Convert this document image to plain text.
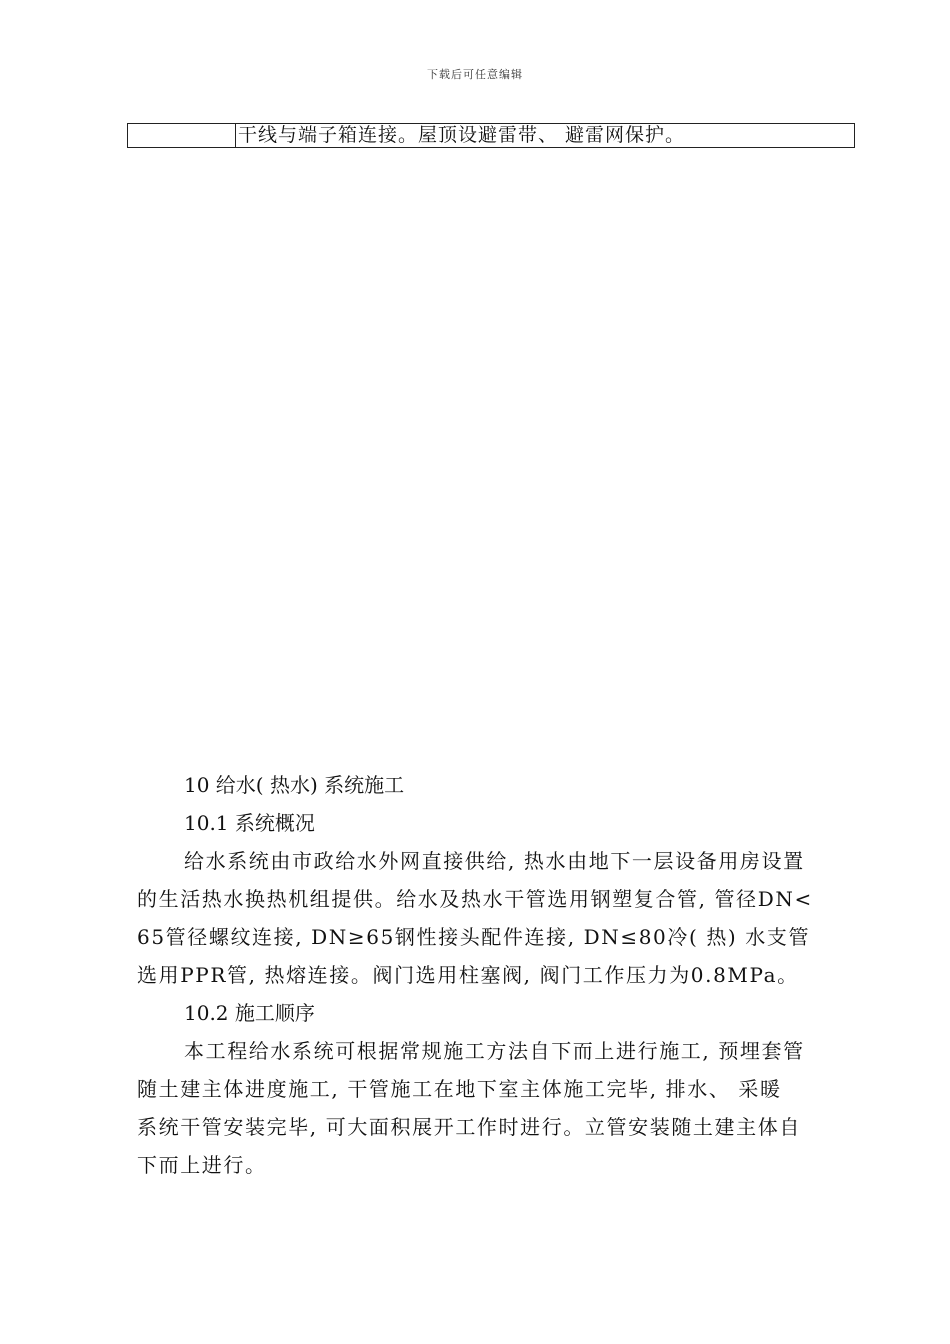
下载后可任意编辑
干线与端子箱连接。屋顶设避雷带、 避雷网保护。
10 给水( 热水) 系统施工
10.1 系统概况
给水系统由市政给水外网直接供给, 热水由地下一层设备用房设置
的生活热水换热机组提供。给水及热水干管选用钢塑复合管, 管径DN<
65管径螺纹连接, DN≥65钢性接头配件连接, DN≤80冷( 热) 水支管
选用PPR管, 热熔连接。阀门选用柱塞阀, 阀门工作压力为0.8MPa。
10.2 施工顺序
本工程给水系统可根据常规施工方法自下而上进行施工, 预埋套管
随土建主体进度施工, 干管施工在地下室主体施工完毕, 排水、 采暖
系统干管安装完毕, 可大面积展开工作时进行。立管安装随土建主体自
下而上进行。
